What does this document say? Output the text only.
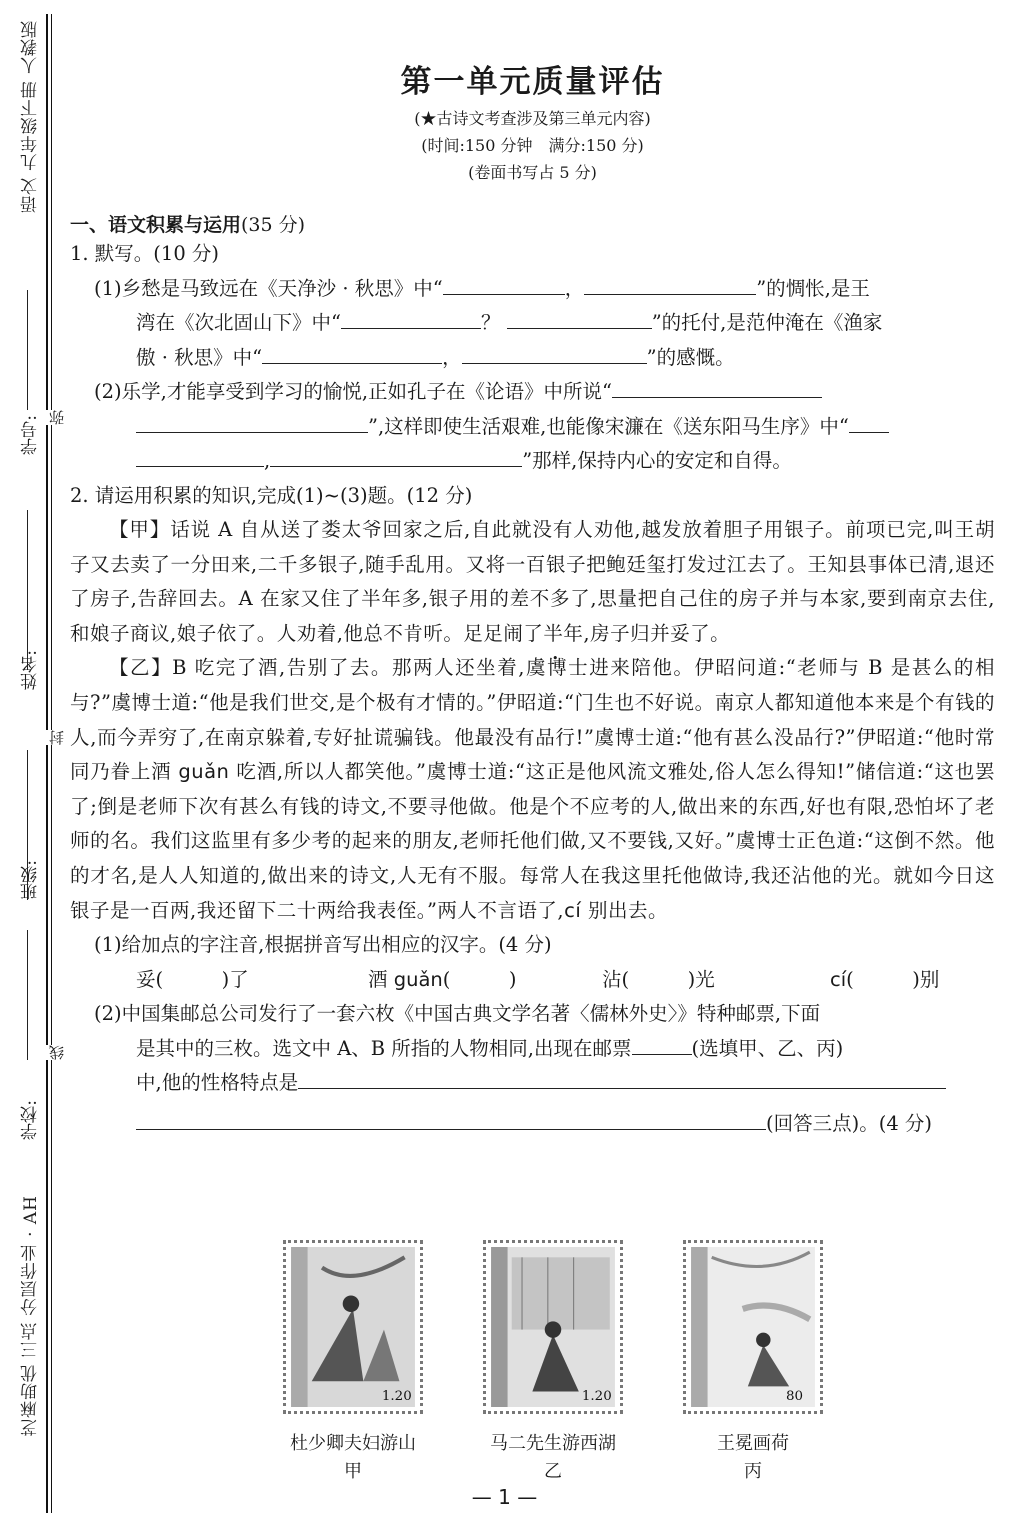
语文 九年级下册 人教版
学号: 弥
姓名:
封
班级:
线
学校:
芝麻助优 三点 分层作业 · AH
第一单元质量评估
(★古诗文考查涉及第三单元内容)
(时间:150 分钟　满分:150 分)
(卷面书写占 5 分)
一、语文积累与运用(35 分)
1. 默写。(10 分)
(1)乡愁是马致远在《天净沙 · 秋思》中“	，	”的惆怅,是王
湾在《次北固山下》中“	？	”的托付,是范仲淹在《渔家
傲 · 秋思》中“	，	”的感慨。
(2)乐学,才能享受到学习的愉悦,正如孔子在《论语》中所说“
”,这样即使生活艰难,也能像宋濂在《送东阳马生序》中“
,	”那样,保持内心的安定和自得。
2. 请运用积累的知识,完成(1)~(3)题。(12 分)
【甲】话说 A 自从送了娄太爷回家之后,自此就没有人劝他,越发放着胆子用银子。前项已完,叫王胡子又去卖了一分田来,二千多银子,随手乱用。又将一百银子把鲍廷玺打发过江去了。王知县事体已清,退还了房子,告辞回去。A 在家又住了半年多,银子用的差不多了,思量把自己住的房子并与本家,要到南京去住,和娘子商议,娘子依了。人劝着,他总不肯听。足足闹了半年,房子归并妥了。
【乙】B 吃完了酒,告别了去。那两人还坐着,虞博士进来陪他。伊昭问道:“老师与 B 是甚么的相与?”虞博士道:“他是我们世交,是个极有才情的。”伊昭道:“门生也不好说。南京人都知道他本来是个有钱的人,而今弄穷了,在南京躲着,专好扯谎骗钱。他最没有品行!”虞博士道:“他有甚么没品行?”伊昭道:“他时常同乃眷上酒 guǎn 吃酒,所以人都笑他。”虞博士道:“这正是他风流文雅处,俗人怎么得知!”储信道:“这也罢了;倒是老师下次有甚么有钱的诗文,不要寻他做。他是个不应考的人,做出来的东西,好也有限,恐怕坏了老师的名。我们这监里有多少考的起来的朋友,老师托他们做,又不要钱,又好。”虞博士正色道:“这倒不然。他的才名,是人人知道的,做出来的诗文,人无有不服。每常人在我这里托他做诗,我还沾他的光。就如今日这银子是一百两,我还留下二十两给我表侄。”两人不言语了,cí 别出去。
(1)给加点的字注音,根据拼音写出相应的汉字。(4 分)
妥(　　　)了	酒 guǎn(　　　)	沾(　　　)光	cí(　　　)别
(2)中国集邮总公司发行了一套六枚《中国古典文学名著〈儒林外史〉》特种邮票,下面
是其中的三枚。选文中 A、B 所指的人物相同,出现在邮票	(选填甲、乙、丙)
中,他的性格特点是
(回答三点)。(4 分)
1.20
杜少卿夫妇游山
甲
1.20
马二先生游西湖
乙
80
王冕画荷
丙
— 1 —
